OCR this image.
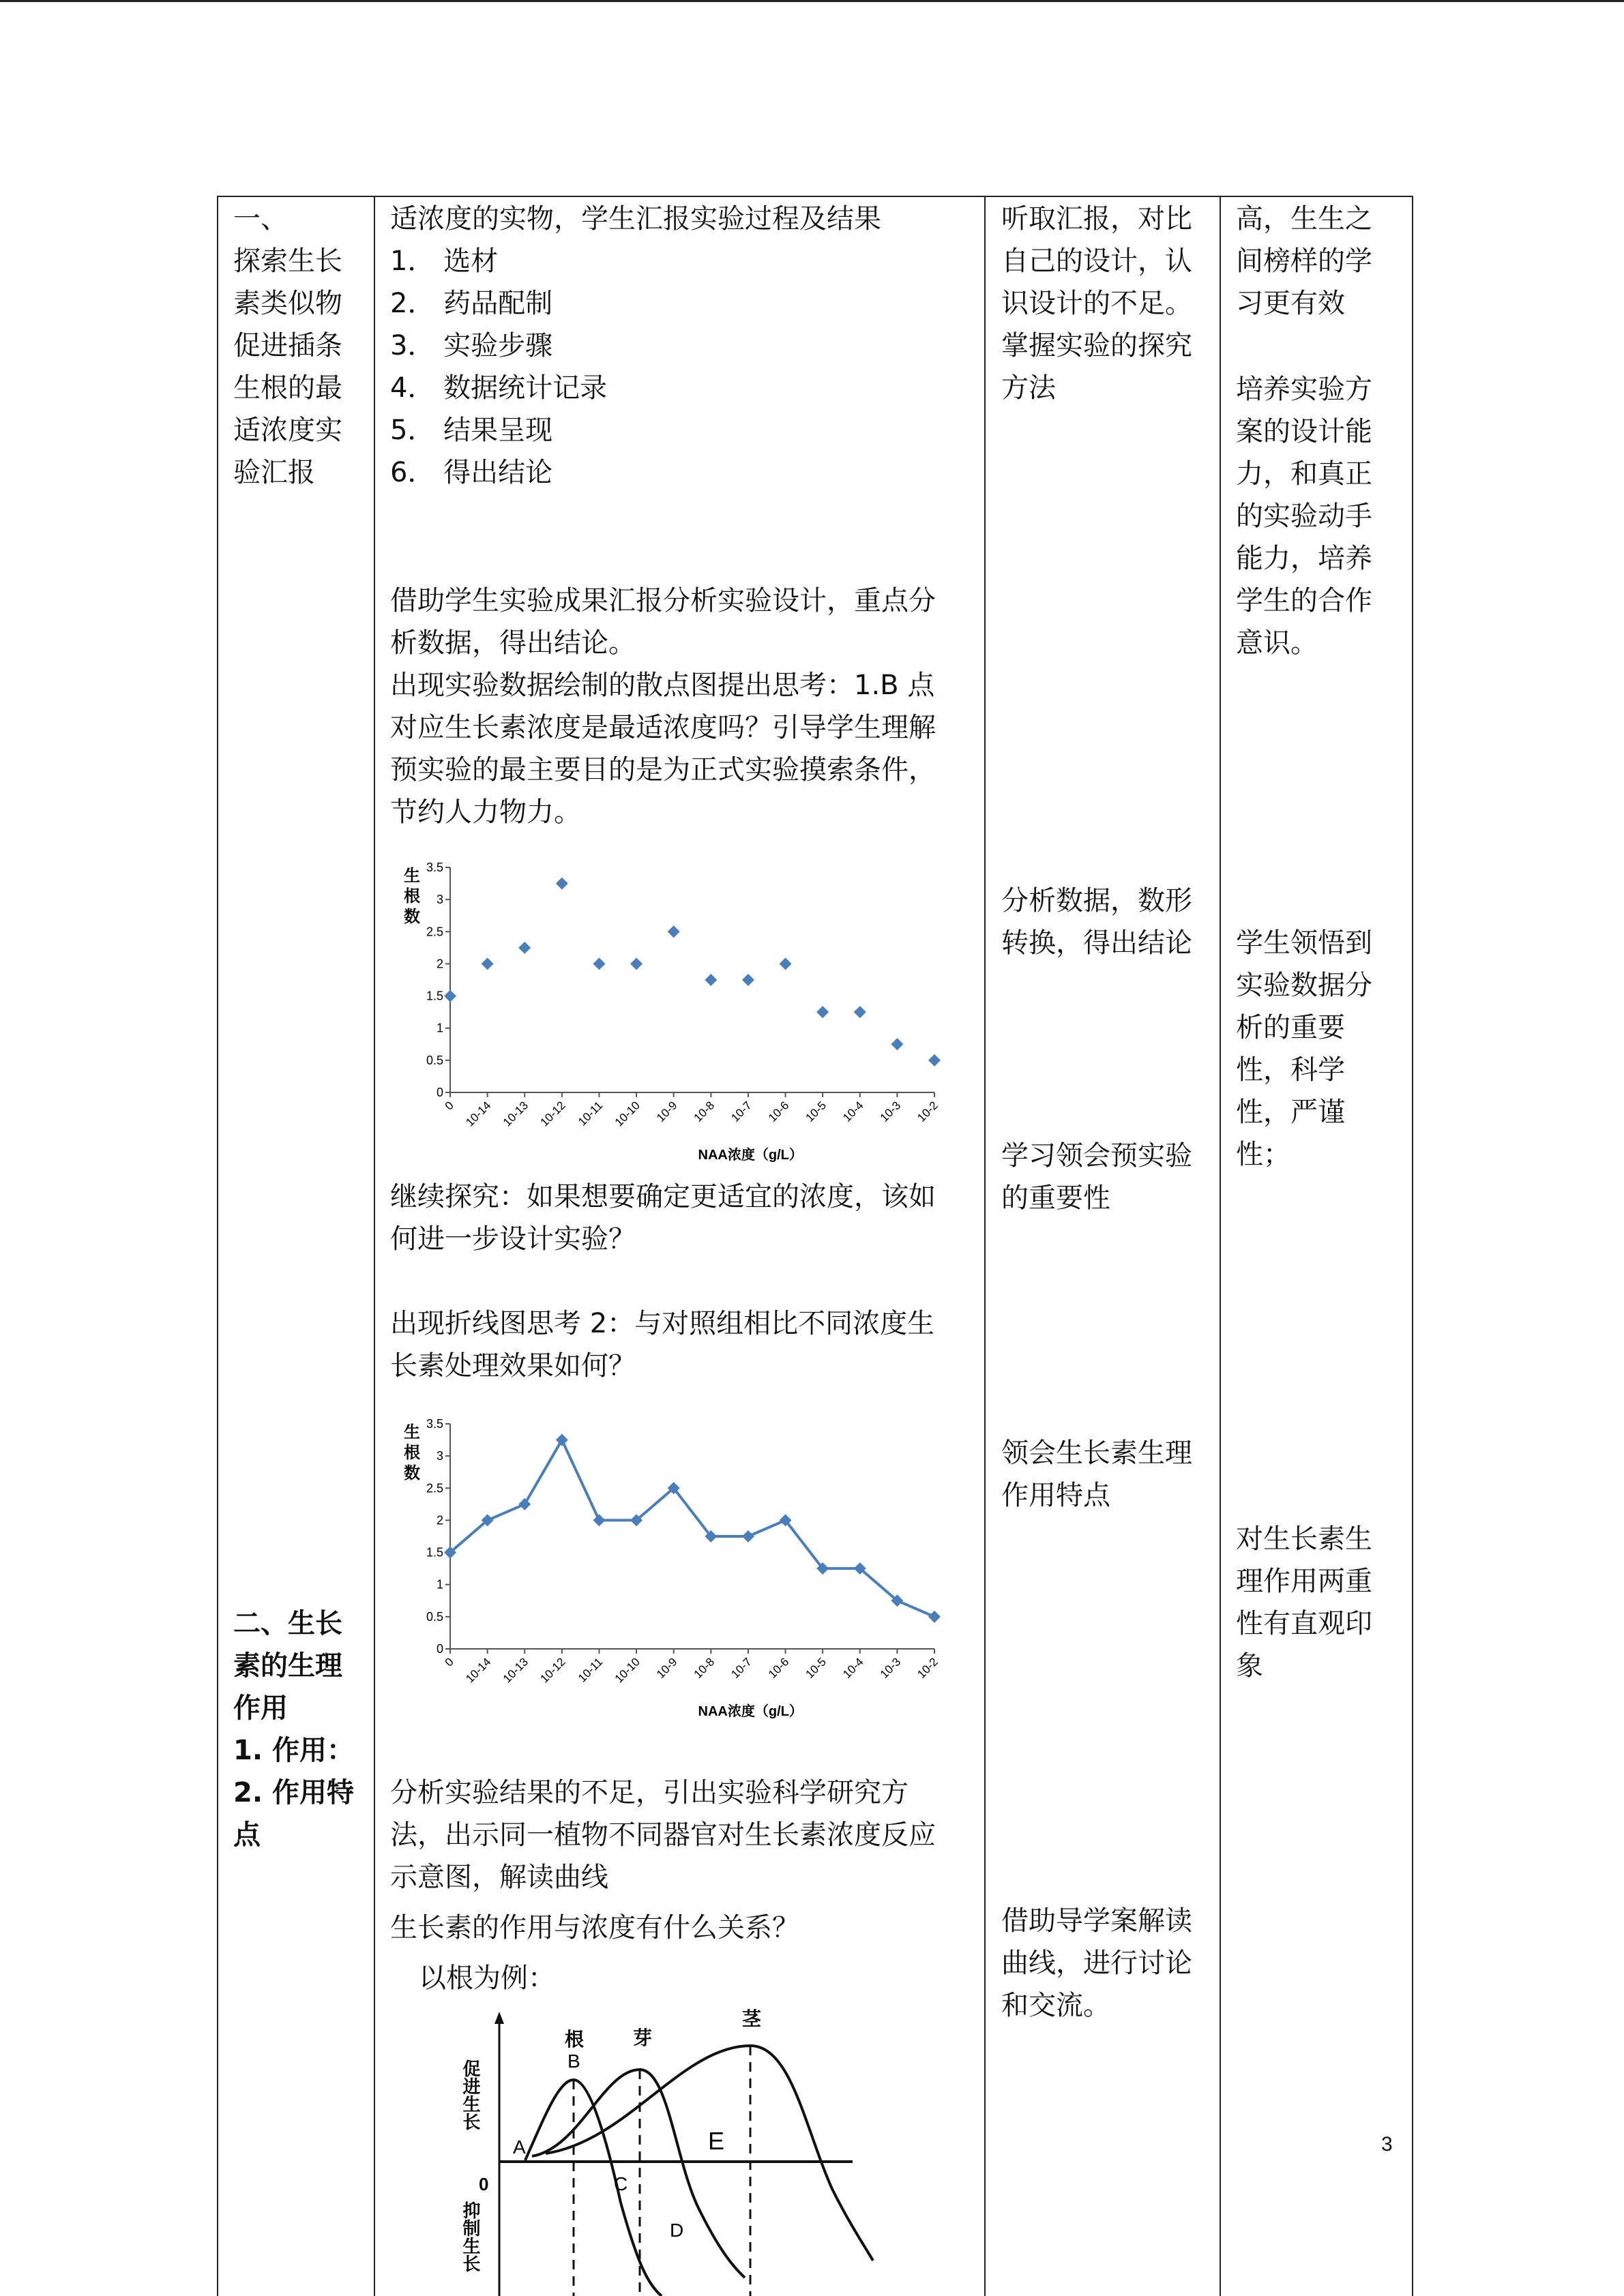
一、
探索生长
素类似物
促进插条
生根的最
适浓度实
验汇报
二、生长
素的生理
作用
1. 作用：
2. 作用特
点
适浓度的实物，学生汇报实验过程及结果
1． 选材
2． 药品配制
3． 实验步骤
4． 数据统计记录
5． 结果呈现
6． 得出结论
借助学生实验成果汇报分析实验设计，重点分
析数据，得出结论。
出现实验数据绘制的散点图提出思考：1.B 点
对应生长素浓度是最适浓度吗？引导学生理解
预实验的最主要目的是为正式实验摸索条件，
节约人力物力。
继续探究：如果想要确定更适宜的浓度，该如
何进一步设计实验？
出现折线图思考 2：与对照组相比不同浓度生
长素处理效果如何？
分析实验结果的不足，引出实验科学研究方
法，出示同一植物不同器官对生长素浓度反应
示意图，解读曲线
生长素的作用与浓度有什么关系？
以根为例：
0
0.5
1
1.5
2
2.5
3
3.5
0 10-14 10-13 10-12 10-11 10-10 10-9 10-8 10-7 10-6 10-5 10-4 10-3 10-2
生
根
数
NAA浓度（g/L）
0
0.5
1
1.5
2
2.5
3
3.5
0 10-14 10-13 10-12 10-11 10-10 10-9 10-8 10-7 10-6 10-5 10-4 10-3 10-2
生
根
数
NAA浓度（g/L）
促进生长
0
抑制生长
根	芽
茎
A
B
C
D
E
听取汇报，对比
自己的设计，认
识设计的不足。
掌握实验的探究
方法
分析数据，数形
转换，得出结论
学习领会预实验
的重要性
领会生长素生理
作用特点
借助导学案解读
曲线，进行讨论
和交流。
高，生生之
间榜样的学
习更有效
培养实验方
案的设计能
力，和真正
的实验动手
能力，培养
学生的合作
意识。
学生领悟到
实验数据分
析的重要
性，科学
性，严谨
性；
对生长素生
理作用两重
性有直观印
象
3
